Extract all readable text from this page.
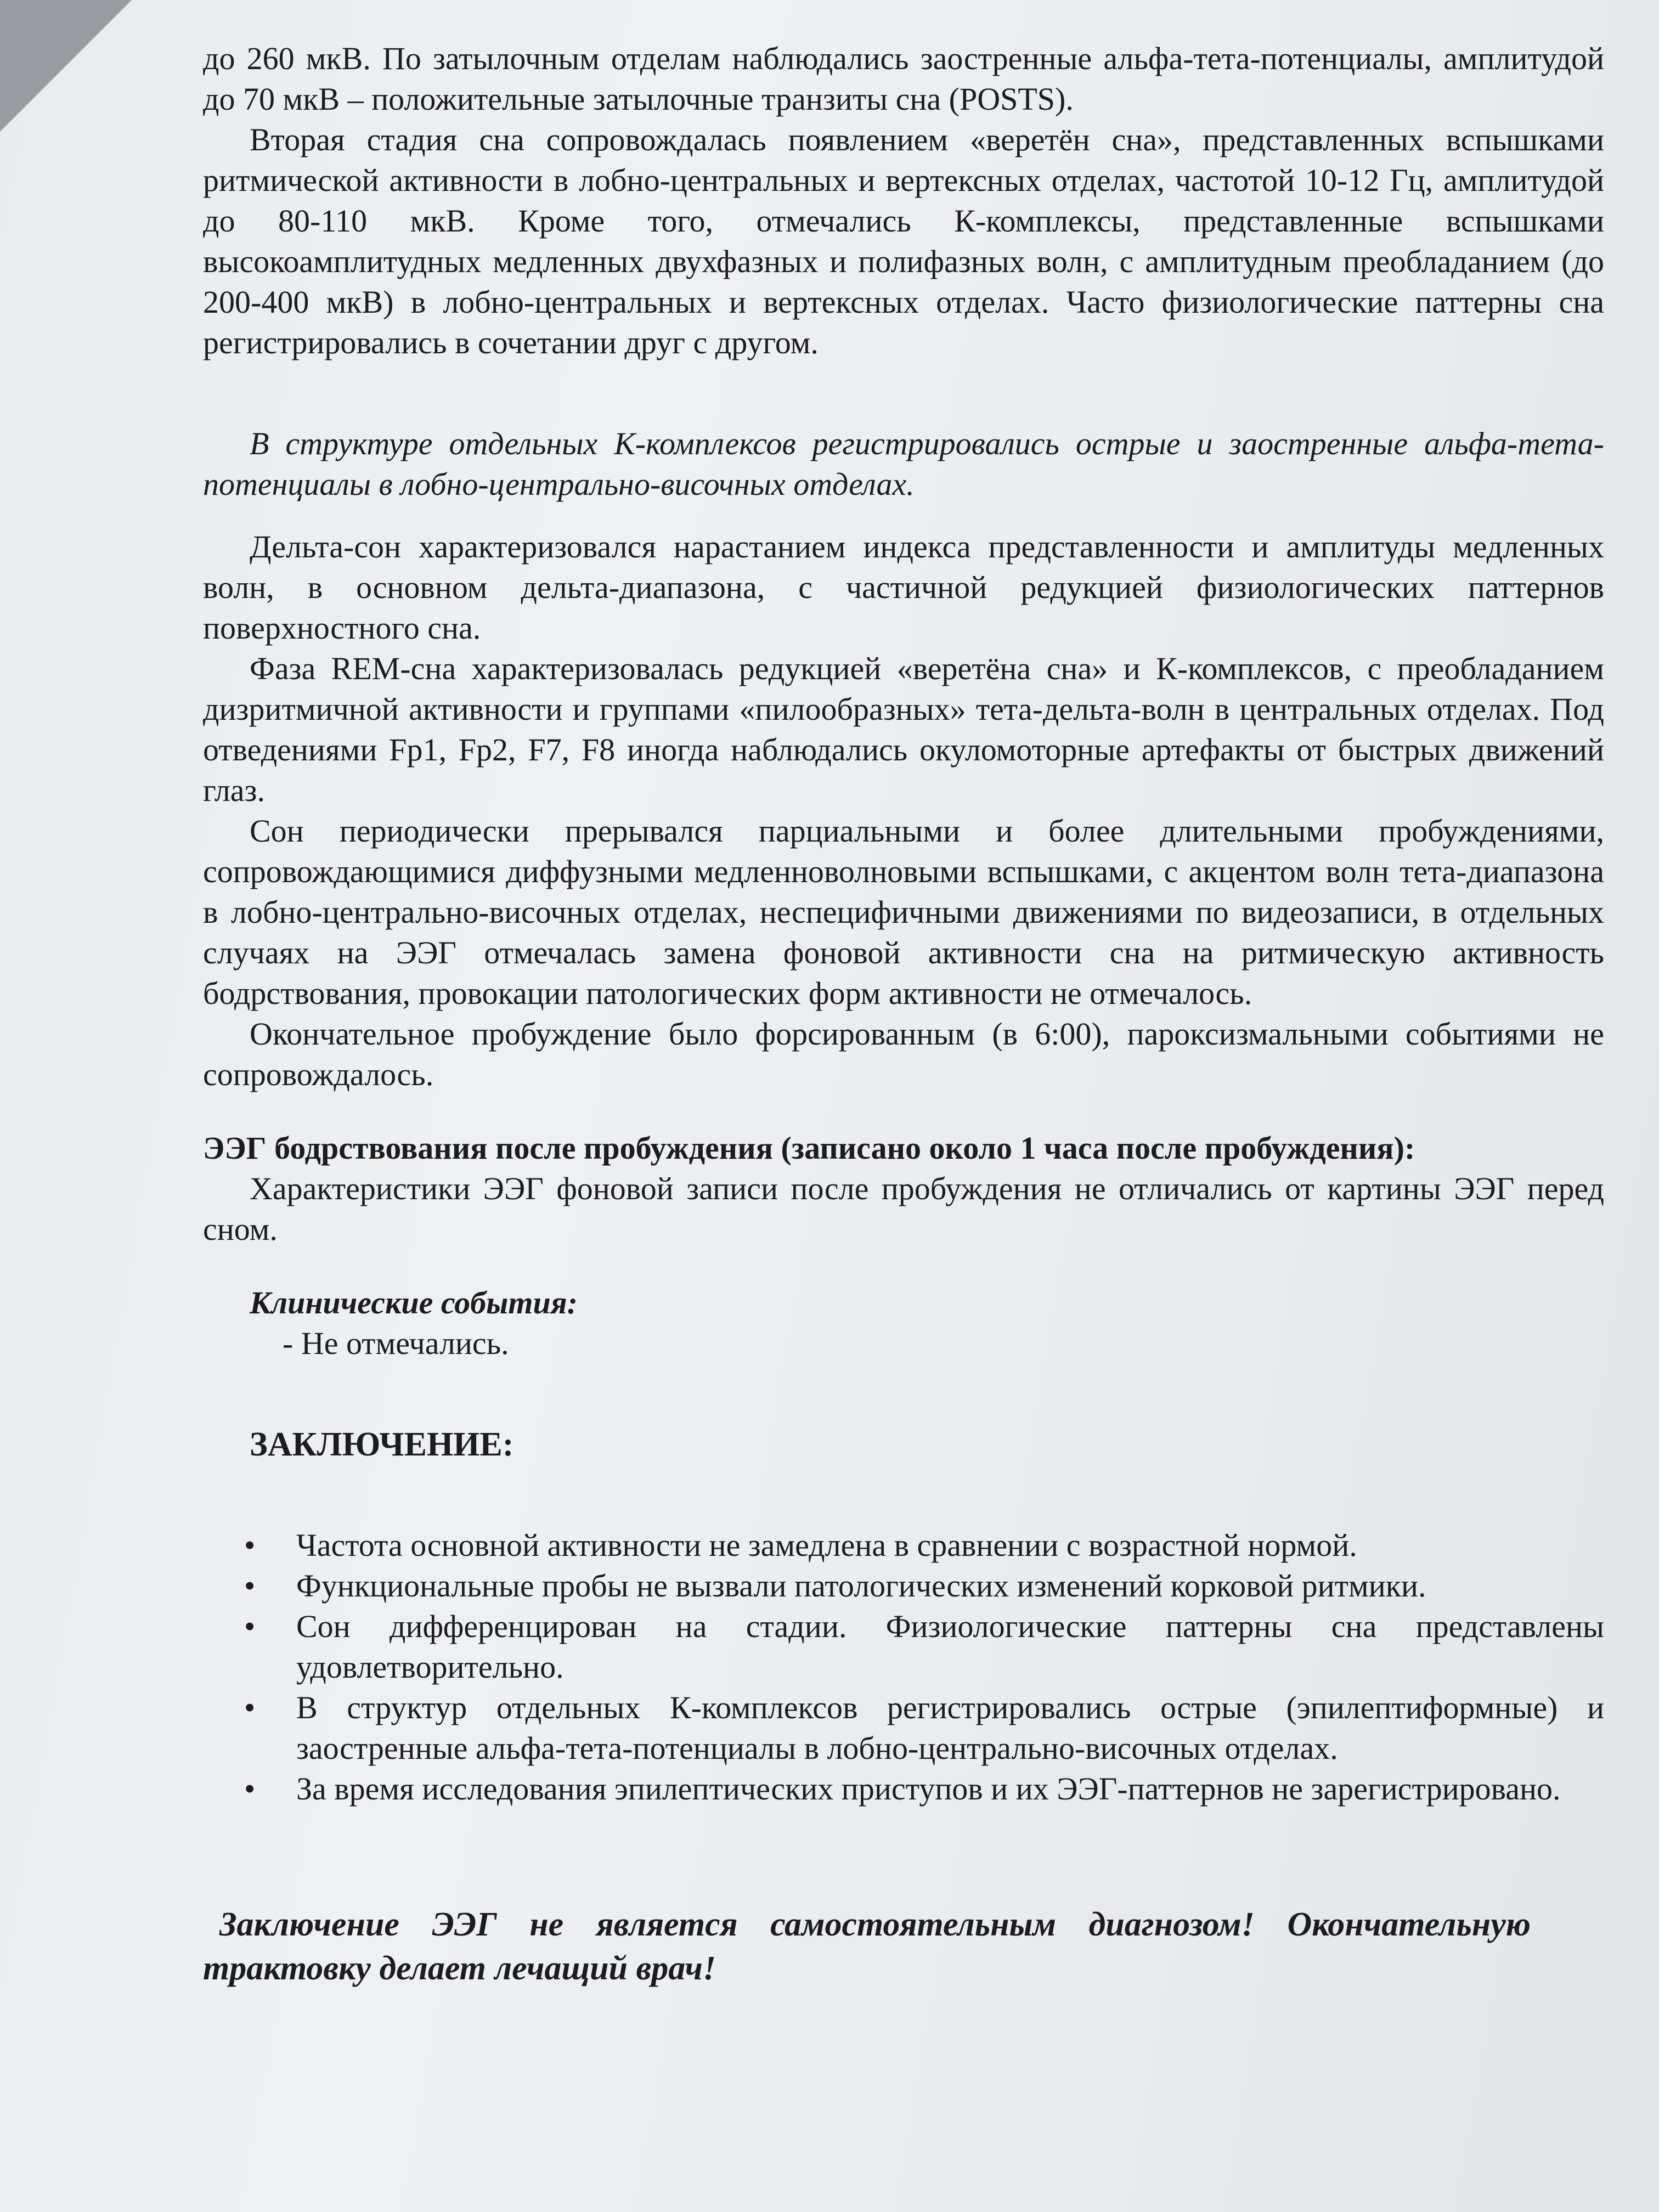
до 260 мкВ. По затылочным отделам наблюдались заостренные альфа-тета-потенциалы, амплитудой до 70 мкВ – положительные затылочные транзиты сна (POSTS).

Вторая стадия сна сопровождалась появлением «веретён сна», представленных вспышками ритмической активности в лобно-центральных и вертексных отделах, частотой 10-12 Гц, амплитудой до 80-110 мкВ. Кроме того, отмечались К-комплексы, представленные вспышками высокоамплитудных медленных двухфазных и полифазных волн, с амплитудным преобладанием (до 200-400 мкВ) в лобно-центральных и вертексных отделах. Часто физиологические паттерны сна регистрировались в сочетании друг с другом.

В структуре отдельных К-комплексов регистрировались острые и заостренные альфа-тета-потенциалы в лобно-центрально-височных отделах.

Дельта-сон характеризовался нарастанием индекса представленности и амплитуды медленных волн, в основном дельта-диапазона, с частичной редукцией физиологических паттернов поверхностного сна.

Фаза REM-сна характеризовалась редукцией «веретёна сна» и К-комплексов, с преобладанием дизритмичной активности и группами «пилообразных» тета-дельта-волн в центральных отделах. Под отведениями Fp1, Fp2, F7, F8 иногда наблюдались окуломоторные артефакты от быстрых движений глаз.

Сон периодически прерывался парциальными и более длительными пробуждениями, сопровождающимися диффузными медленноволновыми вспышками, с акцентом волн тета-диапазона в лобно-центрально-височных отделах, неспецифичными движениями по видеозаписи, в отдельных случаях на ЭЭГ отмечалась замена фоновой активности сна на ритмическую активность бодрствования, провокации патологических форм активности не отмечалось.

Окончательное пробуждение было форсированным (в 6:00), пароксизмальными событиями не сопровождалось.

ЭЭГ бодрствования после пробуждения (записано около 1 часа после пробуждения):

Характеристики ЭЭГ фоновой записи после пробуждения не отличались от картины ЭЭГ перед сном.

Клинические события:

- Не отмечались.

ЗАКЛЮЧЕНИЕ:

• Частота основной активности не замедлена в сравнении с возрастной нормой.
• Функциональные пробы не вызвали патологических изменений корковой ритмики.
• Сон дифференцирован на стадии. Физиологические паттерны сна представлены удовлетворительно.
• В структур отдельных К-комплексов регистрировались острые (эпилептиформные) и заостренные альфа-тета-потенциалы в лобно-центрально-височных отделах.
• За время исследования эпилептических приступов и их ЭЭГ-паттернов не зарегистрировано.

Заключение ЭЭГ не является самостоятельным диагнозом! Окончательную трактовку делает лечащий врач!
